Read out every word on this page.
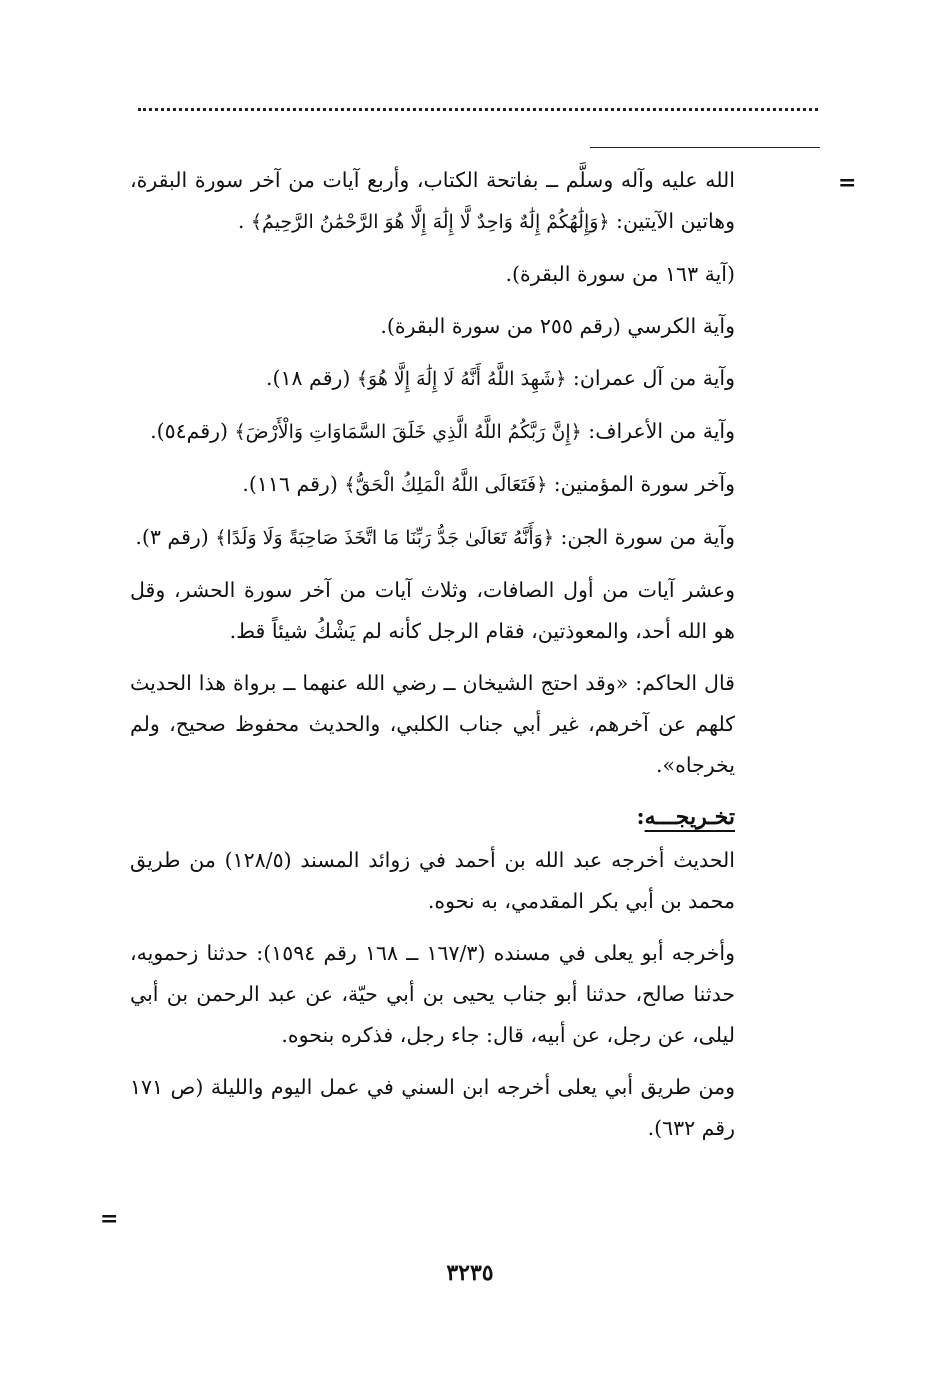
=
=

الله عليه وآله وسلَّم ــ بفاتحة الكتاب، وأربع آيات من آخر سورة البقرة، وهاتين الآيتين: ﴿وَإِلَٰهُكُمْ إِلَٰهٌ وَاحِدٌ لَّا إِلَٰهَ إِلَّا هُوَ الرَّحْمَٰنُ الرَّحِيمُ﴾ .

(آية ١٦٣ من سورة البقرة).

وآية الكرسي (رقم ٢٥٥ من سورة البقرة).

وآية من آل عمران: ﴿شَهِدَ اللَّهُ أَنَّهُ لَا إِلَٰهَ إِلَّا هُوَ﴾ (رقم ١٨).

وآية من الأعراف: ﴿إِنَّ رَبَّكُمُ اللَّهُ الَّذِي خَلَقَ السَّمَاوَاتِ وَالْأَرْضَ﴾ (رقم٥٤).

وآخر سورة المؤمنين: ﴿فَتَعَالَى اللَّهُ الْمَلِكُ الْحَقُّ﴾ (رقم ١١٦).

وآية من سورة الجن: ﴿وَأَنَّهُ تَعَالَىٰ جَدُّ رَبِّنَا مَا اتَّخَذَ صَاحِبَةً وَلَا وَلَدًا﴾ (رقم ٣).

وعشر آيات من أول الصافات، وثلاث آيات من آخر سورة الحشر، وقل هو الله أحد، والمعوذتين، فقام الرجل كأنه لم يَشْكُ شيئاً قط.

قال الحاكم: «وقد احتج الشيخان ــ رضي الله عنهما ــ برواة هذا الحديث كلهم عن آخرهم، غير أبي جناب الكلبي، والحديث محفوظ صحيح، ولم يخرجاه».

تخـريجـــه:

الحديث أخرجه عبد الله بن أحمد في زوائد المسند (١٢٨/٥) من طريق محمد بن أبي بكر المقدمي، به نحوه.

وأخرجه أبو يعلى في مسنده (١٦٧/٣ ــ ١٦٨ رقم ١٥٩٤): حدثنا زحمويه، حدثنا صالح، حدثنا أبو جناب يحيى بن أبي حيّة، عن عبد الرحمن بن أبي ليلى، عن رجل، عن أبيه، قال: جاء رجل، فذكره بنحوه.

ومن طريق أبي يعلى أخرجه ابن السني في عمل اليوم والليلة (ص ١٧١ رقم ٦٣٢).

٣٢٣٥
